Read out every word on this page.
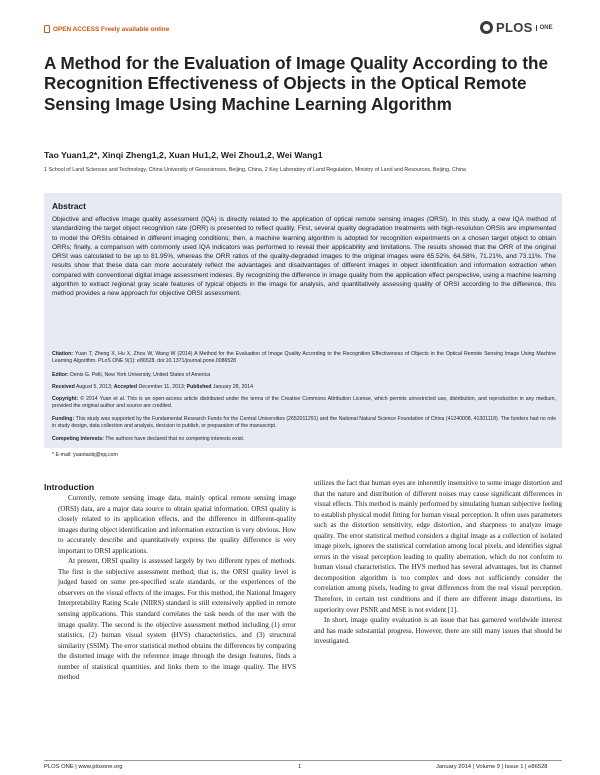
OPEN ACCESS Freely available online	PLOS	ONE
A Method for the Evaluation of Image Quality According to the Recognition Effectiveness of Objects in the Optical Remote Sensing Image Using Machine Learning Algorithm
Tao Yuan1,2*, Xinqi Zheng1,2, Xuan Hu1,2, Wei Zhou1,2, Wei Wang1
1 School of Land Sciences and Technology, China University of Geosciences, Beijing, China, 2 Key Laboratory of Land Regulation, Ministry of Land and Resources, Beijing, China
Abstract

Objective and effective image quality assessment (IQA) is directly related to the application of optical remote sensing images (ORSI). In this study, a new IQA method of standardizing the target object recognition rate (ORR) is presented to reflect quality. First, several quality degradation treatments with high-resolution ORSIs are implemented to model the ORSIs obtained in different imaging conditions; then, a machine learning algorithm is adopted for recognition experiments on a chosen target object to obtain ORRs; finally, a comparison with commonly used IQA indicators was performed to reveal their applicability and limitations. The results showed that the ORR of the original ORSI was calculated to be up to 81.95%, whereas the ORR ratios of the quality-degraded images to the original images were 65.52%, 64.58%, 71.21%, and 73.11%. The results show that these data can more accurately reflect the advantages and disadvantages of different images in object identification and information extraction when compared with conventional digital image assessment indexes. By recognizing the difference in image quality from the application effect perspective, using a machine learning algorithm to extract regional gray scale features of typical objects in the image for analysis, and quantitatively assessing quality of ORSI according to the difference, this method provides a new approach for objective ORSI assessment.

Citation: Yuan T, Zheng X, Hu X, Zhou W, Wang W (2014) A Method for the Evaluation of Image Quality According to the Recognition Effectiveness of Objects in the Optical Remote Sensing Image Using Machine Learning Algorithm. PLoS ONE 9(1): e86528. doi:10.1371/journal.pone.0086528

Editor: Denis G. Pelli, New York University, United States of America

Received August 5, 2013; Accepted December 11, 2013; Published January 28, 2014

Copyright: © 2014 Yuan et al. This is an open-access article distributed under the terms of the Creative Commons Attribution License, which permits unrestricted use, distribution, and reproduction in any medium, provided the original author and source are credited.

Funding: This study was supported by the Fundamental Research Funds for the Central Universities (2652011291) and the National Natural Science Foundation of China (41240008, 41301118). The funders had no role in study design, data collection and analysis, decision to publish, or preparation of the manuscript.

Competing Interests: The authors have declared that no competing interests exist.

* E-mail: yuantaobj@qq.com

Introduction

Currently, remote sensing image data, mainly optical remote sensing image (ORSI) data, are a major data source to obtain spatial information. ORSI quality is closely related to its application effects, and the difference in different-quality images during object identification and information extraction is very obvious. How to accurately describe and quantitatively express the quality difference is very important to ORSI applications.

At present, ORSI quality is assessed largely by two different types of methods. The first is the subjective assessment method; that is, the ORSI quality level is judged based on some pre-specified scale standards, or the experiences of the observers on the visual effects of the images. For this method, the National Imagery Interpretability Rating Scale (NIIRS) standard is still extensively applied in remote sensing applications. This standard correlates the task needs of the user with the image quality. The second is the objective assessment method including (1) error statistics, (2) human visual system (HVS) characteristics, and (3) structural similarity (SSIM). The error statistical method obtains the differences by comparing the distorted image with the reference image through the design features, finds a number of statistical quantities, and links them to the image quality. The HVS method

utilizes the fact that human eyes are inherently insensitive to some image distortion and that the nature and distribution of different noises may cause significant differences in visual effects. This method is mainly performed by simulating human subjective feeling to establish physical model fitting for human visual perception. It often uses parameters such as the distortion sensitivity, edge distortion, and sharpness to analyze image quality. The error statistical method considers a digital image as a collection of isolated image pixels, ignores the statistical correlation among local pixels, and identifies signal errors in the visual perception leading to quality aberration, which do not conform to human visual characteristics. The HVS method has several advantages, but its channel decomposition algorithm is too complex and does not sufficiently consider the correlation among pixels, leading to great differences from the real visual perception. Therefore, in certain test conditions and if there are different image distortions, its superiority over PSNR and MSE is not evident [1].

In short, image quality evaluation is an issue that has garnered worldwide interest and has made substantial progress. However, there are still many issues that should be investigated.

PLOS ONE | www.plosone.org	1	January 2014 | Volume 9 | Issue 1 | e86528
